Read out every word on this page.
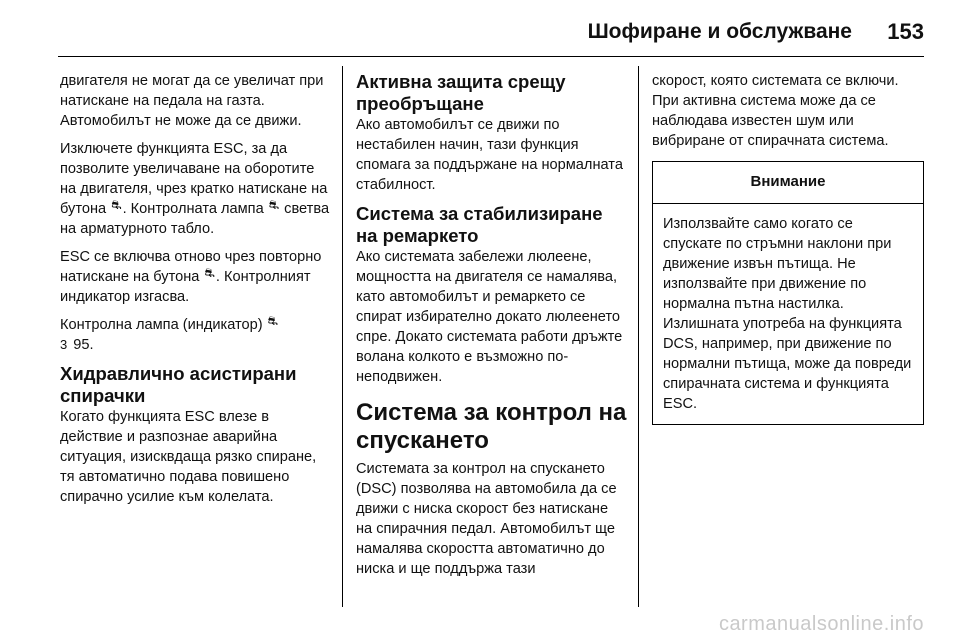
Шофиране и обслужване 153

двигателя не могат да се увеличат при натискане на педала на газта. Автомобилът не може да се движи.

Изключете функцията ESC, за да позволите увеличаване на оборотите на двигателя, чрез кратко натискане на бутона ⛐. Контролната лампа ⛐ светва на арматурното табло.

ESC се включва отново чрез повторно натискане на бутона ⛐. Контролният индикатор изгасва.

Контролна лампа (индикатор) ⛐
3 95.

Хидравлично асистирани спирачки

Когато функцията ESC влезе в действие и разпознае аварийна ситуация, изисквдаща рязко спиране, тя автоматично подава повишено спирачно усилие към колелата.

Активна защита срещу преобръщане

Ако автомобилът се движи по нестабилен начин, тази функция спомага за поддържане на нормалната стабилност.

Система за стабилизиране на ремаркето

Ако системата забележи люлеене, мощността на двигателя се намалява, като автомобилът и ремаркето се спират избирателно докато люлеенето спре. Докато системата работи дръжте волана колкото е възможно по-неподвижен.

Система за контрол на спускането

Системата за контрол на спускането (DSC) позволява на автомобила да се движи с ниска скорост без натискане на спирачния педал. Автомобилът ще намалява скоростта автоматично до ниска и ще поддържа тази

скорост, която системата се включи. При активна система може да се наблюдава известен шум или вибриране от спирачната система.

Внимание
Използвайте само когато се спускате по стръмни наклони при движение извън пътища. Не използвайте при движение по нормална пътна настилка. Излишната употреба на функцията DCS, например, при движение по нормални пътища, може да повреди спирачната система и функцията ESC.
carmanualsonline.info
